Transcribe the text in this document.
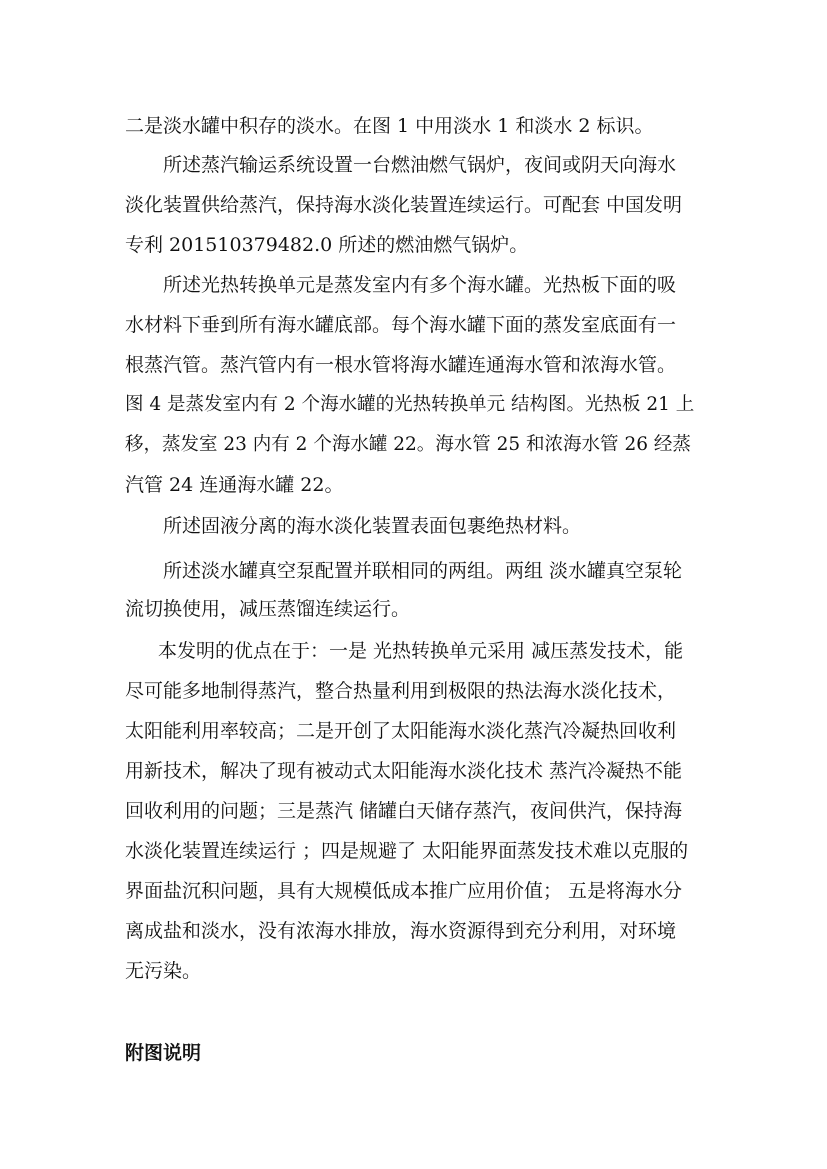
二是淡水罐中积存的淡水。在图 1 中用淡水 1 和淡水 2 标识。
所述蒸汽输运系统设置一台燃油燃气锅炉，夜间或阴天向海水
淡化装置供给蒸汽，保持海水淡化装置连续运行。可配套 中国发明
专利 201510379482.0 所述的燃油燃气锅炉。
所述光热转换单元是蒸发室内有多个海水罐。光热板下面的吸
水材料下垂到所有海水罐底部。每个海水罐下面的蒸发室底面有一
根蒸汽管。蒸汽管内有一根水管将海水罐连通海水管和浓海水管。
图 4 是蒸发室内有 2 个海水罐的光热转换单元 结构图。光热板 21 上
移，蒸发室 23 内有 2 个海水罐 22。海水管 25 和浓海水管 26 经蒸
汽管 24 连通海水罐 22。
所述固液分离的海水淡化装置表面包裹绝热材料。
所述淡水罐真空泵配置并联相同的两组。两组 淡水罐真空泵轮
流切换使用，减压蒸馏连续运行。
本发明的优点在于：一是 光热转换单元采用 减压蒸发技术，能
尽可能多地制得蒸汽，整合热量利用到极限的热法海水淡化技术，
太阳能利用率较高；二是开创了太阳能海水淡化蒸汽冷凝热回收利
用新技术，解决了现有被动式太阳能海水淡化技术 蒸汽冷凝热不能
回收利用的问题；三是蒸汽 储罐白天储存蒸汽，夜间供汽，保持海
水淡化装置连续运行 ；四是规避了 太阳能界面蒸发技术难以克服的
界面盐沉积问题，具有大规模低成本推广应用价值； 五是将海水分
离成盐和淡水，没有浓海水排放，海水资源得到充分利用，对环境
无污染。
附图说明
